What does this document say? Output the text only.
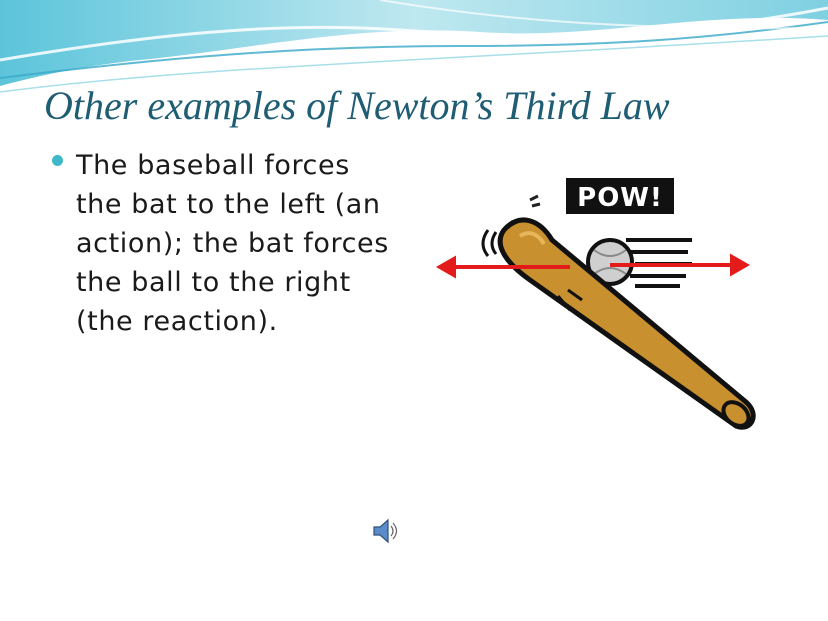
Other examples of Newton’s Third Law
The baseball forces the bat to the left (an action); the bat forces the ball to the right (the reaction).
POW!
